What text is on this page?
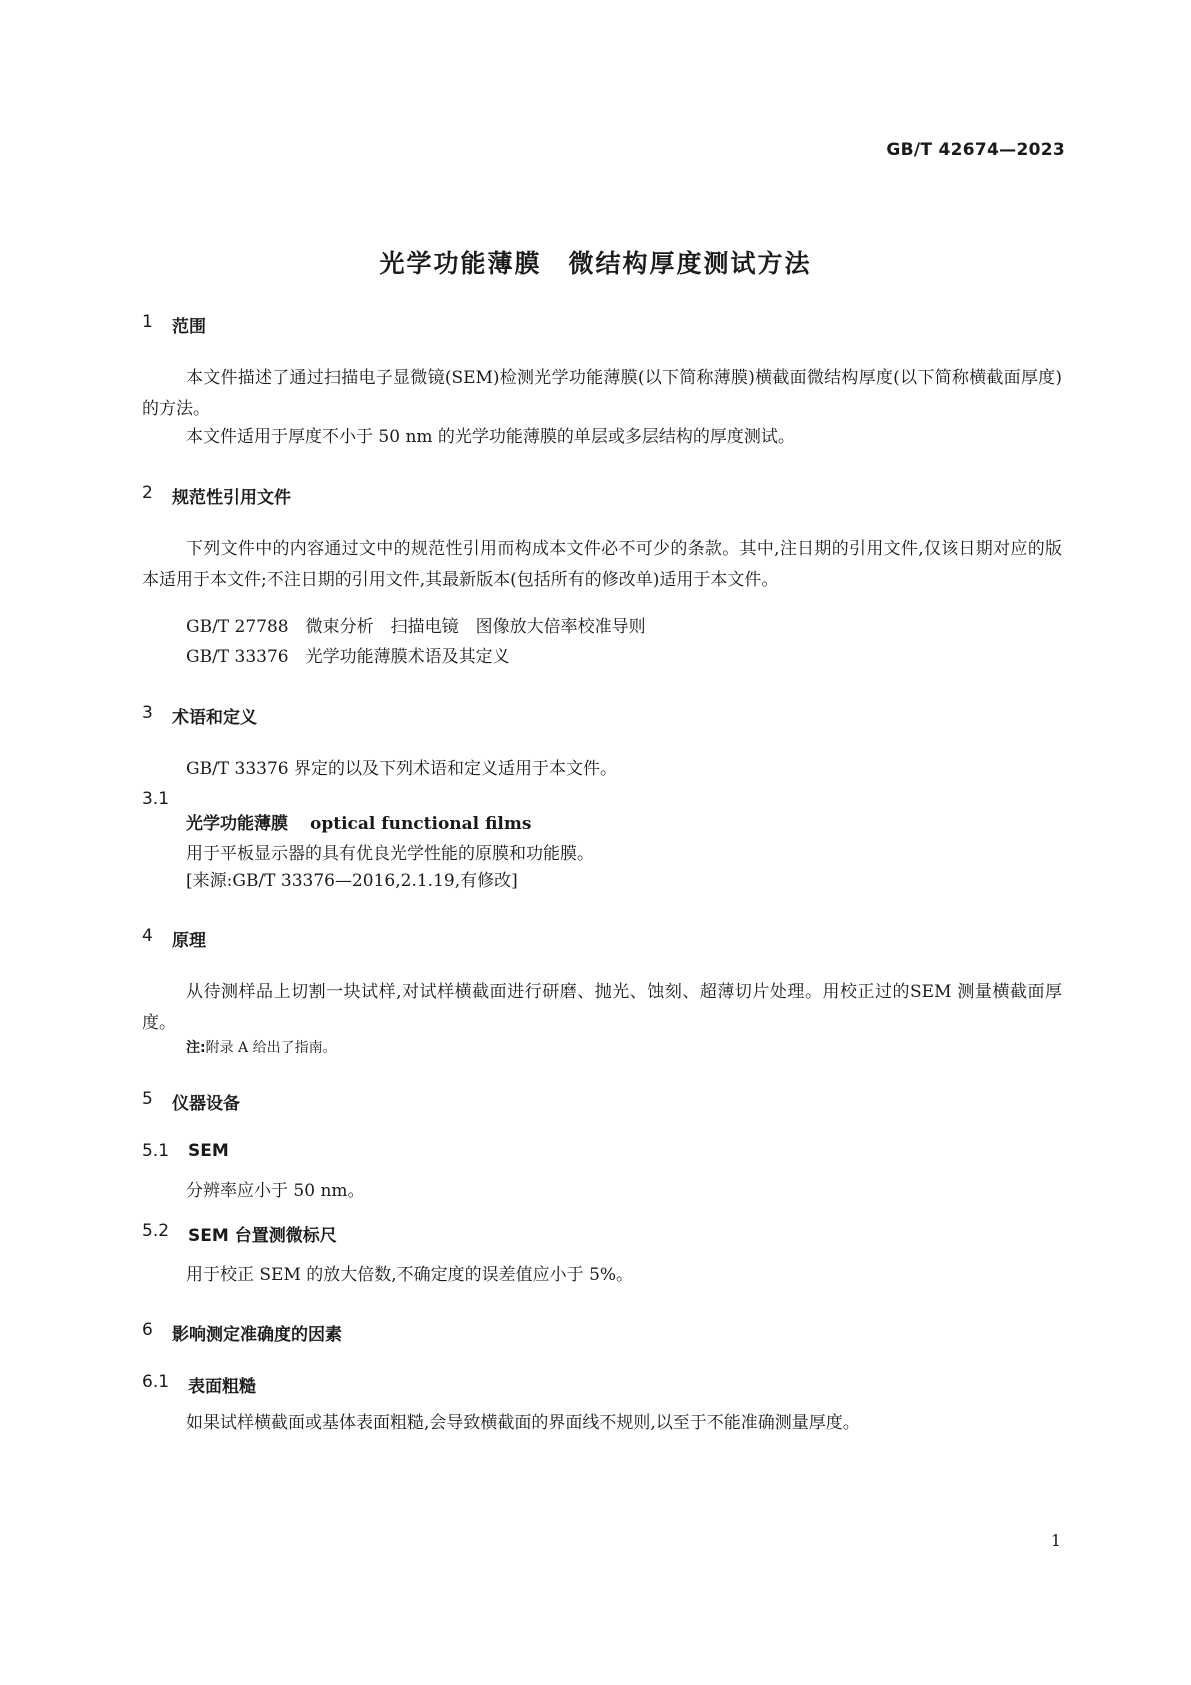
GB/T 42674—2023
光学功能薄膜　微结构厚度测试方法
1	范围
本文件描述了通过扫描电子显微镜(SEM)检测光学功能薄膜(以下简称薄膜)横截面微结构厚度(以下简称横截面厚度)的方法。
本文件适用于厚度不小于 50 nm 的光学功能薄膜的单层或多层结构的厚度测试。
2	规范性引用文件
下列文件中的内容通过文中的规范性引用而构成本文件必不可少的条款。其中,注日期的引用文件,仅该日期对应的版本适用于本文件;不注日期的引用文件,其最新版本(包括所有的修改单)适用于本文件。
GB/T 27788　微束分析　扫描电镜　图像放大倍率校准导则
GB/T 33376　光学功能薄膜术语及其定义
3	术语和定义
GB/T 33376 界定的以及下列术语和定义适用于本文件。
3.1
光学功能薄膜 optical functional films
用于平板显示器的具有优良光学性能的原膜和功能膜。
[来源:GB/T 33376—2016,2.1.19,有修改]
4	原理
从待测样品上切割一块试样,对试样横截面进行研磨、抛光、蚀刻、超薄切片处理。用校正过的SEM 测量横截面厚度。
注:附录 A 给出了指南。
5	仪器设备
5.1	SEM
分辨率应小于 50 nm。
5.2	SEM 台置测微标尺
用于校正 SEM 的放大倍数,不确定度的误差值应小于 5%。
6	影响测定准确度的因素
6.1	表面粗糙
如果试样横截面或基体表面粗糙,会导致横截面的界面线不规则,以至于不能准确测量厚度。
1
